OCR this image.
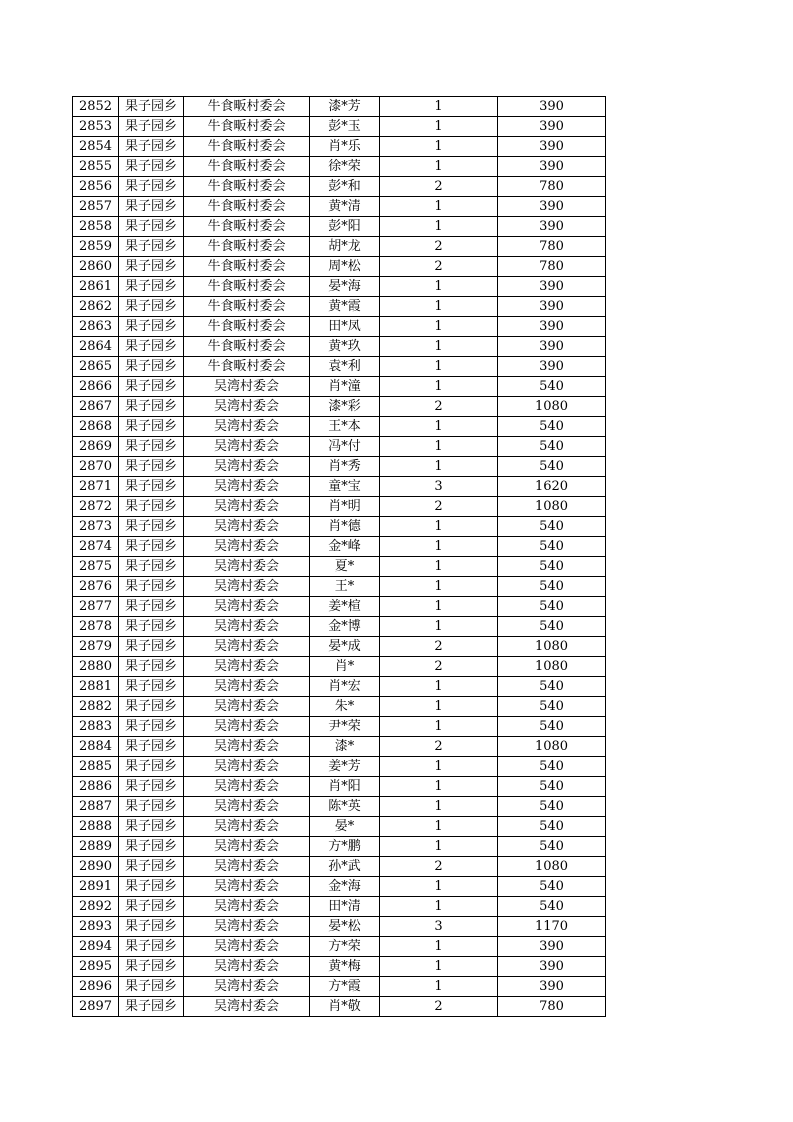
2852	果子园乡	牛食畈村委会	漆*芳	1	390
2853	果子园乡	牛食畈村委会	彭*玉	1	390
2854	果子园乡	牛食畈村委会	肖*乐	1	390
2855	果子园乡	牛食畈村委会	徐*荣	1	390
2856	果子园乡	牛食畈村委会	彭*和	2	780
2857	果子园乡	牛食畈村委会	黄*清	1	390
2858	果子园乡	牛食畈村委会	彭*阳	1	390
2859	果子园乡	牛食畈村委会	胡*龙	2	780
2860	果子园乡	牛食畈村委会	周*松	2	780
2861	果子园乡	牛食畈村委会	晏*海	1	390
2862	果子园乡	牛食畈村委会	黄*霞	1	390
2863	果子园乡	牛食畈村委会	田*凤	1	390
2864	果子园乡	牛食畈村委会	黄*玖	1	390
2865	果子园乡	牛食畈村委会	袁*利	1	390
2866	果子园乡	吴湾村委会	肖*潼	1	540
2867	果子园乡	吴湾村委会	漆*彩	2	1080
2868	果子园乡	吴湾村委会	王*本	1	540
2869	果子园乡	吴湾村委会	冯*付	1	540
2870	果子园乡	吴湾村委会	肖*秀	1	540
2871	果子园乡	吴湾村委会	童*宝	3	1620
2872	果子园乡	吴湾村委会	肖*明	2	1080
2873	果子园乡	吴湾村委会	肖*德	1	540
2874	果子园乡	吴湾村委会	金*峰	1	540
2875	果子园乡	吴湾村委会	夏*	1	540
2876	果子园乡	吴湾村委会	王*	1	540
2877	果子园乡	吴湾村委会	姜*楦	1	540
2878	果子园乡	吴湾村委会	金*博	1	540
2879	果子园乡	吴湾村委会	晏*成	2	1080
2880	果子园乡	吴湾村委会	肖*	2	1080
2881	果子园乡	吴湾村委会	肖*宏	1	540
2882	果子园乡	吴湾村委会	朱*	1	540
2883	果子园乡	吴湾村委会	尹*荣	1	540
2884	果子园乡	吴湾村委会	漆*	2	1080
2885	果子园乡	吴湾村委会	姜*芳	1	540
2886	果子园乡	吴湾村委会	肖*阳	1	540
2887	果子园乡	吴湾村委会	陈*英	1	540
2888	果子园乡	吴湾村委会	晏*	1	540
2889	果子园乡	吴湾村委会	方*鹏	1	540
2890	果子园乡	吴湾村委会	孙*武	2	1080
2891	果子园乡	吴湾村委会	金*海	1	540
2892	果子园乡	吴湾村委会	田*清	1	540
2893	果子园乡	吴湾村委会	晏*松	3	1170
2894	果子园乡	吴湾村委会	方*荣	1	390
2895	果子园乡	吴湾村委会	黄*梅	1	390
2896	果子园乡	吴湾村委会	方*霞	1	390
2897	果子园乡	吴湾村委会	肖*敬	2	780
